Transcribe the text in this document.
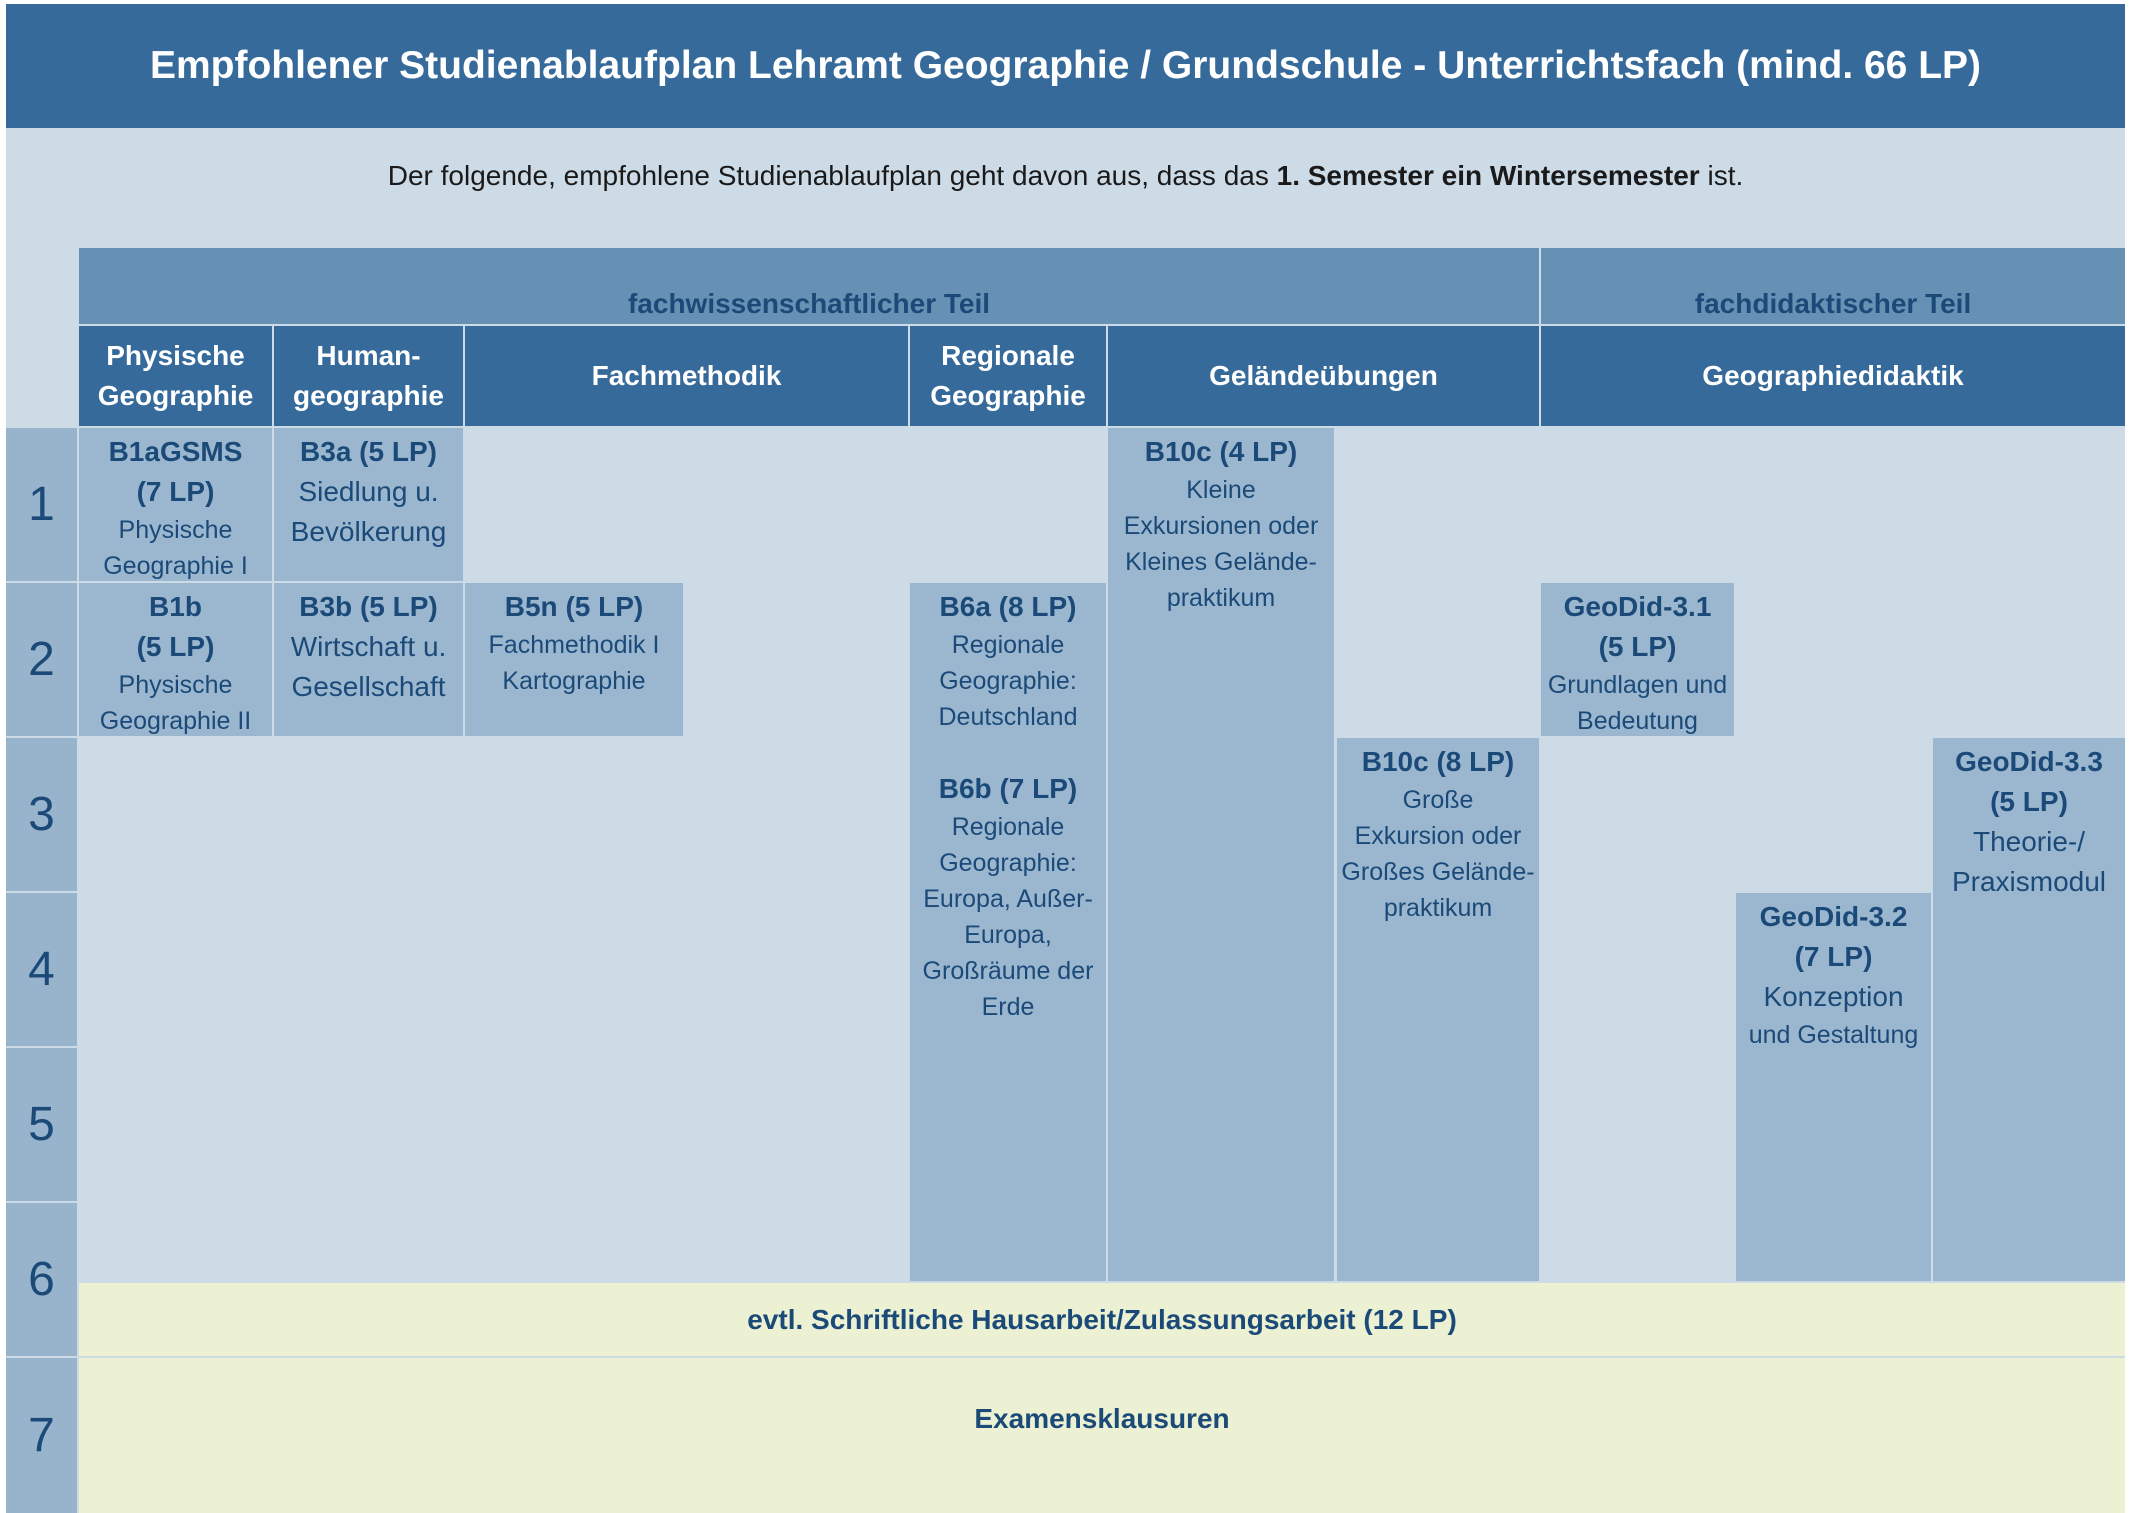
Empfohlener Studienablaufplan Lehramt Geographie / Grundschule - Unterrichtsfach (mind. 66 LP)
Der folgende, empfohlene Studienablaufplan geht davon aus, dass das 1. Semester ein Wintersemester ist.
fachwissenschaftlicher Teil	fachdidaktischer Teil
Physische
Geographie
Human-
geographie
Fachmethodik
Regionale
Geographie
Geländeübungen	Geographiedidaktik
1
2
3
4
5
6
7
B1aGSMS
(7 LP)
Physische
Geographie I
B3a (5 LP)
Siedlung u.
Bevölkerung
B10c (4 LP)
Kleine
Exkursionen oder
Kleines Gelände-
praktikum
B1b
(5 LP)
Physische
Geographie II
B3b (5 LP)
Wirtschaft u.
Gesellschaft
B5n (5 LP)
Fachmethodik I
Kartographie
B6a (8 LP)
Regionale
Geographie:
Deutschland
B6b (7 LP)
Regionale
Geographie:
Europa, Außer-
Europa,
Großräume der
Erde
GeoDid-3.1
(5 LP)
Grundlagen und
Bedeutung
B10c (8 LP)
Große
Exkursion oder
Großes Gelände-
praktikum
GeoDid-3.3
(5 LP)
Theorie-/
Praxismodul
GeoDid-3.2
(7 LP)
Konzeption
und Gestaltung
evtl. Schriftliche Hausarbeit/Zulassungsarbeit (12 LP)
Examensklausuren
